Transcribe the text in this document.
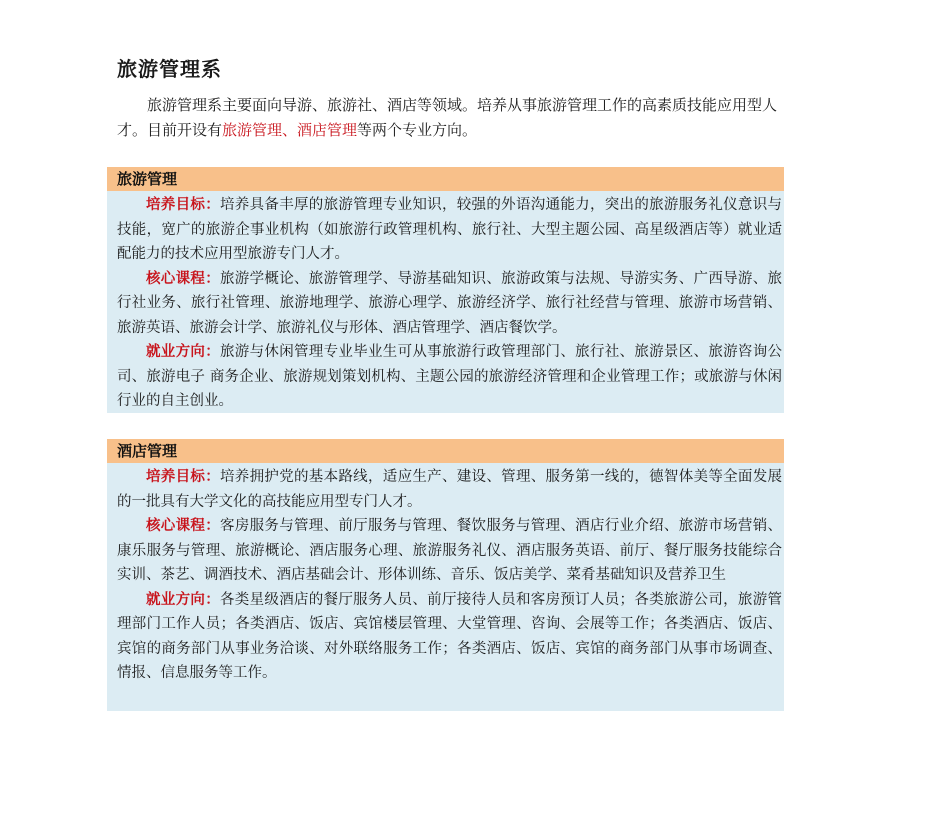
旅游管理系

旅游管理系主要面向导游、旅游社、酒店等领域。培养从事旅游管理工作的高素质技能应用型人才。目前开设有旅游管理、酒店管理等两个专业方向。

旅游管理

培养目标：培养具备丰厚的旅游管理专业知识，较强的外语沟通能力，突出的旅游服务礼仪意识与技能，宽广的旅游企事业机构（如旅游行政管理机构、旅行社、大型主题公园、高星级酒店等）就业适配能力的技术应用型旅游专门人才。

核心课程：旅游学概论、旅游管理学、导游基础知识、旅游政策与法规、导游实务、广西导游、旅行社业务、旅行社管理、旅游地理学、旅游心理学、旅游经济学、旅行社经营与管理、旅游市场营销、旅游英语、旅游会计学、旅游礼仪与形体、酒店管理学、酒店餐饮学。

就业方向：旅游与休闲管理专业毕业生可从事旅游行政管理部门、旅行社、旅游景区、旅游咨询公司、旅游电子 商务企业、旅游规划策划机构、主题公园的旅游经济管理和企业管理工作；或旅游与休闲行业的自主创业。

酒店管理

培养目标：培养拥护党的基本路线，适应生产、建设、管理、服务第一线的，德智体美等全面发展的一批具有大学文化的高技能应用型专门人才。

核心课程：客房服务与管理、前厅服务与管理、餐饮服务与管理、酒店行业介绍、旅游市场营销、康乐服务与管理、旅游概论、酒店服务心理、旅游服务礼仪、酒店服务英语、前厅、餐厅服务技能综合实训、茶艺、调酒技术、酒店基础会计、形体训练、音乐、饭店美学、菜肴基础知识及营养卫生

就业方向：各类星级酒店的餐厅服务人员、前厅接待人员和客房预订人员；各类旅游公司，旅游管理部门工作人员；各类酒店、饭店、宾馆楼层管理、大堂管理、咨询、会展等工作；各类酒店、饭店、宾馆的商务部门从事业务洽谈、对外联络服务工作；各类酒店、饭店、宾馆的商务部门从事市场调查、情报、信息服务等工作。
